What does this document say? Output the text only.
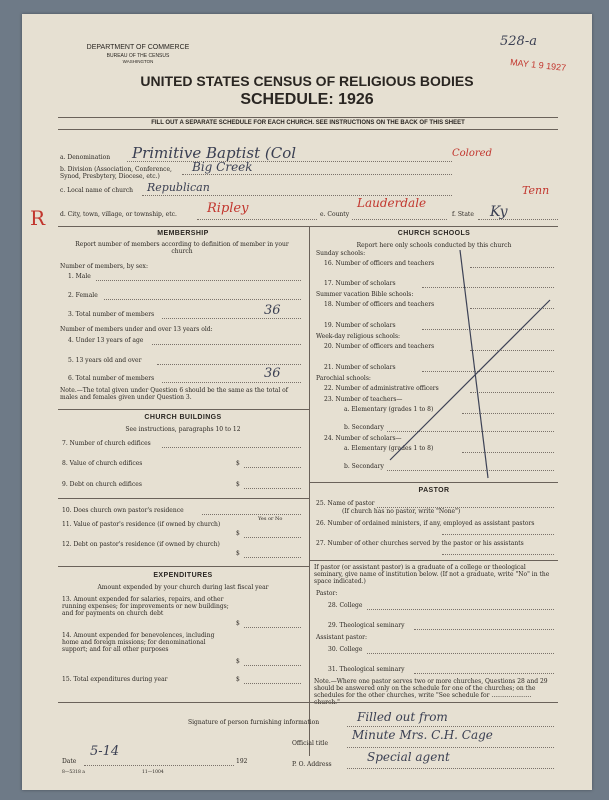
DEPARTMENT OF COMMERCE
BUREAU OF THE CENSUS
WASHINGTON
528-a
MAY 1 9 1927
UNITED STATES CENSUS OF RELIGIOUS BODIES
SCHEDULE: 1926
FILL OUT A SEPARATE SCHEDULE FOR EACH CHURCH. SEE INSTRUCTIONS ON THE BACK OF THIS SHEET
a. Denomination Primitive Baptist (Col	Colored
b. Division (Association, Conference, Synod, Presbytery, Diocese, etc.)
Big Creek
c. Local name of church Republican
R d. City, town, village, or township, etc. Ripley	e. County
Lauderdale
f. State Ky
Tenn
MEMBERSHIP
Report number of members according to definition of member in your church
Number of members, by sex:
1. Male
2. Female
3. Total number of members	36
Number of members under and over 13 years old:
4. Under 13 years of age
5. 13 years old and over
6. Total number of members	36
Note.—The total given under Question 6 should be the same as the total of males and females given under Question 3.
CHURCH BUILDINGS
See instructions, paragraphs 10 to 12
7. Number of church edifices
8. Value of church edifices	$
9. Debt on church edifices	$
10. Does church own pastor's residence
Yes or No
11. Value of pastor's residence (if owned by church)
$
12. Debt on pastor's residence (if owned by church)
$
EXPENDITURES
Amount expended by your church during last fiscal year
13. Amount expended for salaries, repairs, and other running expenses; for improvements or new buildings; and for payments on church debt
$
14. Amount expended for benevolences, including home and foreign missions; for denominational support; and for all other purposes
$
15. Total expenditures during year	$
CHURCH SCHOOLS
Report here only schools conducted by this church
Sunday schools:
16. Number of officers and teachers
17. Number of scholars
Summer vacation Bible schools:
18. Number of officers and teachers
19. Number of scholars
Week-day religious schools:
20. Number of officers and teachers
21. Number of scholars
Parochial schools:
22. Number of administrative officers
23. Number of teachers—
a. Elementary (grades 1 to 8)
b. Secondary
24. Number of scholars—
a. Elementary (grades 1 to 8)
b. Secondary
PASTOR
25. Name of pastor
(If church has no pastor, write "None")
26. Number of ordained ministers, if any, employed as assistant pastors
27. Number of other churches served by the pastor or his assistants
If pastor (or assistant pastor) is a graduate of a college or theological seminary, give name of institution below. (If not a graduate, write "No" in the space indicated.)
Pastor:
28. College
29. Theological seminary
Assistant pastor:
30. College
31. Theological seminary
Note.—Where one pastor serves two or more churches, Questions 28 and 29 should be answered only on the schedule for one of the churches; on the schedules for the other churches, write "See schedule for ..................... church."
Signature of person furnishing information	Filled out from
Official title
Minute Mrs. C.H. Cage
Date
5-14
192	P. O. Address
Special agent
8—5318 a	11—1004
